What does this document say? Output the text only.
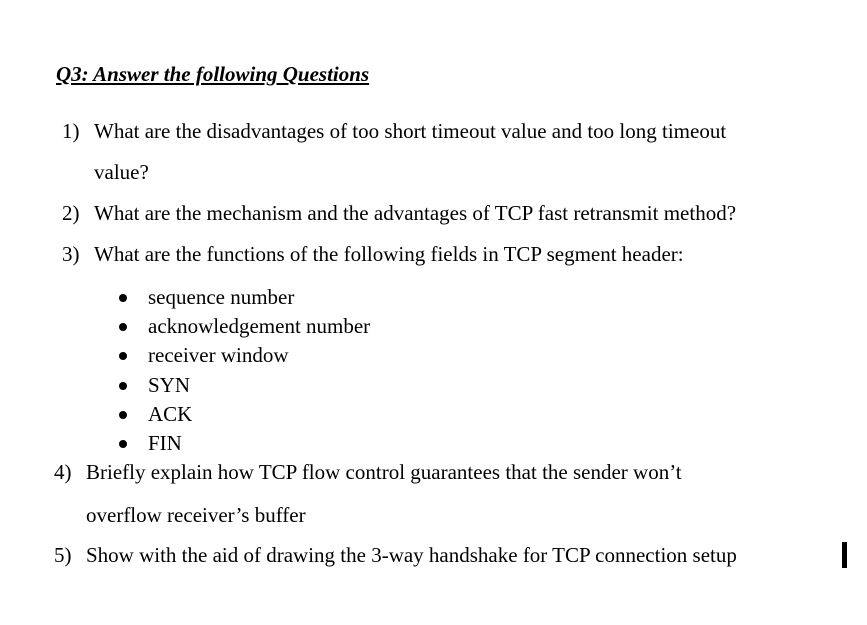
Q3: Answer the following Questions
1) What are the disadvantages of too short timeout value and too long timeout
value?
2) What are the mechanism and the advantages of TCP fast retransmit method?
3) What are the functions of the following fields in TCP segment header:
sequence number
acknowledgement number
receiver window
SYN
ACK
FIN
4) Briefly explain how TCP flow control guarantees that the sender won’t
overflow receiver’s buffer
5) Show with the aid of drawing the 3-way handshake for TCP connection setup
